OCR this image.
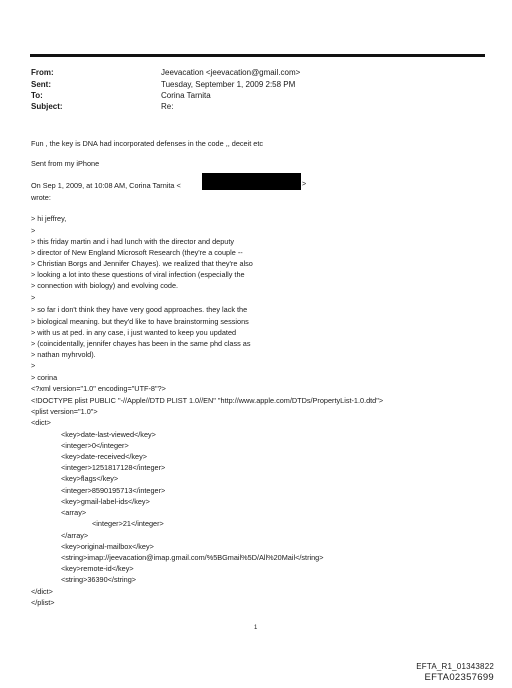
From:	Jeevacation <jeevacation@gmail.com>
Sent:	Tuesday, September 1, 2009 2:58 PM
To:	Corina Tarnita
Subject:	Re:
Fun , the key is DNA had incorporated defenses in the code ,, deceit etc
Sent from my iPhone
On Sep 1, 2009, at 10:08 AM, Corina Tarnita <	>
wrote:
> hi jeffrey,
>
> this friday martin and i had lunch with the director and deputy
> director of New England Microsoft Research (they're a couple --
> Christian Borgs and Jennifer Chayes). we realized that they're also
> looking a lot into these questions of viral infection (especially the
> connection with biology) and evolving code.
>
> so far i don't think they have very good approaches. they lack the
> biological meaning. but they'd like to have brainstorming sessions
> with us at ped. in any case, i just wanted to keep you updated
> (coincidentally, jennifer chayes has been in the same phd class as
> nathan myhrvold).
>
> corina
<?xml version="1.0" encoding="UTF-8"?>
<!DOCTYPE plist PUBLIC "-//Apple//DTD PLIST 1.0//EN" "http://www.apple.com/DTDs/PropertyList-1.0.dtd">
<plist version="1.0">
<dict>
<key>date-last-viewed</key>
<integer>0</integer>
<key>date-received</key>
<integer>1251817128</integer>
<key>flags</key>
<integer>8590195713</integer>
<key>gmail-label-ids</key>
<array>
<integer>21</integer>
</array>
<key>original-mailbox</key>
<string>imap://jeevacation@imap.gmail.com/%5BGmail%5D/All%20Mail</string>
<key>remote-id</key>
<string>36390</string>
</dict>
</plist>
1
EFTA_R1_01343822
EFTA02357699
